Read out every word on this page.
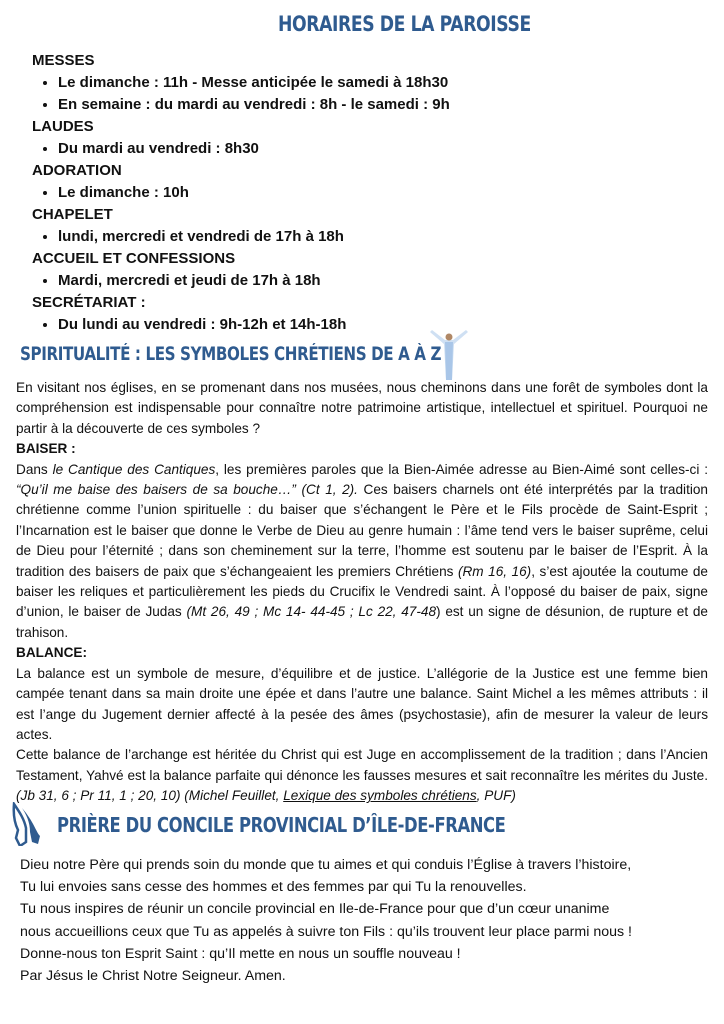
HORAIRES DE LA PAROISSE
MESSES
• Le dimanche : 11h - Messe anticipée le samedi à 18h30
• En semaine : du mardi au vendredi : 8h - le samedi : 9h
LAUDES
• Du mardi au vendredi : 8h30
ADORATION
• Le dimanche : 10h
CHAPELET
• lundi, mercredi et vendredi de 17h à 18h
ACCUEIL ET CONFESSIONS
• Mardi, mercredi et jeudi de 17h à 18h
SECRÉTARIAT :
• Du lundi au vendredi : 9h-12h et 14h-18h
SPIRITUALITÉ : LES SYMBOLES CHRÉTIENS DE A À Z

En visitant nos églises, en se promenant dans nos musées, nous cheminons dans une forêt de symboles dont la compréhension est indispensable pour connaître notre patrimoine artistique, intellectuel et spirituel. Pourquoi ne partir à la découverte de ces symboles ?

BAISER :

Dans le Cantique des Cantiques, les premières paroles que la Bien-Aimée adresse au Bien-Aimé sont celles-ci : “Qu’il me baise des baisers de sa bouche…” (Ct 1, 2). Ces baisers charnels ont été interprétés par la tradition chrétienne comme l’union spirituelle : du baiser que s’échangent le Père et le Fils procède de Saint-Esprit ; l’Incarnation est le baiser que donne le Verbe de Dieu au genre humain : l’âme tend vers le baiser suprême, celui de Dieu pour l’éternité ; dans son cheminement sur la terre, l’homme est soutenu par le baiser de l’Esprit. À la tradition des baisers de paix que s’échangeaient les premiers Chrétiens (Rm 16, 16), s’est ajoutée la coutume de baiser les reliques et particulièrement les pieds du Crucifix le Vendredi saint. À l’opposé du baiser de paix, signe d’union, le baiser de Judas (Mt 26, 49 ; Mc 14- 44-45 ; Lc 22, 47-48) est un signe de désunion, de rupture et de trahison.

BALANCE:

La balance est un symbole de mesure, d’équilibre et de justice. L’allégorie de la Justice est une femme bien campée tenant dans sa main droite une épée et dans l’autre une balance. Saint Michel a les mêmes attributs : il est l’ange du Jugement dernier affecté à la pesée des âmes (psychostasie), afin de mesurer la valeur de leurs actes.

Cette balance de l’archange est héritée du Christ qui est Juge en accomplissement de la tradition ; dans l’Ancien Testament, Yahvé est la balance parfaite qui dénonce les fausses mesures et sait reconnaître les mérites du Juste. (Jb 31, 6 ; Pr 11, 1 ; 20, 10) (Michel Feuillet, Lexique des symboles chrétiens, PUF)

PRIÈRE DU CONCILE PROVINCIAL D’ÎLE-DE-FRANCE
Dieu notre Père qui prends soin du monde que tu aimes et qui conduis l’Église à travers l’histoire,
Tu lui envoies sans cesse des hommes et des femmes par qui Tu la renouvelles.
Tu nous inspires de réunir un concile provincial en Ile-de-France pour que d’un cœur unanime
nous accueillions ceux que Tu as appelés à suivre ton Fils : qu’ils trouvent leur place parmi nous !
Donne-nous ton Esprit Saint : qu’Il mette en nous un souffle nouveau !
Par Jésus le Christ Notre Seigneur. Amen.
